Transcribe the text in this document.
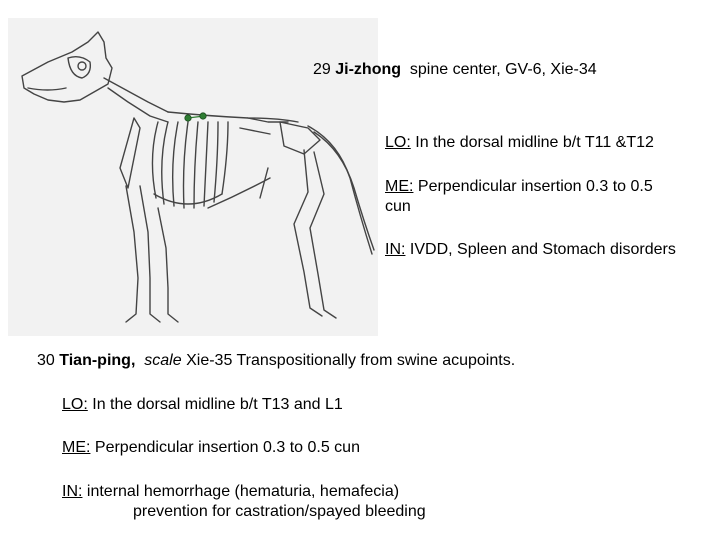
29 Ji-zhong spine center, GV-6, Xie-34
LO: In the dorsal midline b/t T11 &T12
ME: Perpendicular insertion 0.3 to 0.5
cun
IN: IVDD, Spleen and Stomach disorders
30 Tian-ping, scale Xie-35 Transpositionally from swine acupoints.
LO: In the dorsal midline b/t T13 and L1
ME: Perpendicular insertion 0.3 to 0.5 cun
IN: internal hemorrhage (hematuria, hemafecia)
prevention for castration/spayed bleeding
